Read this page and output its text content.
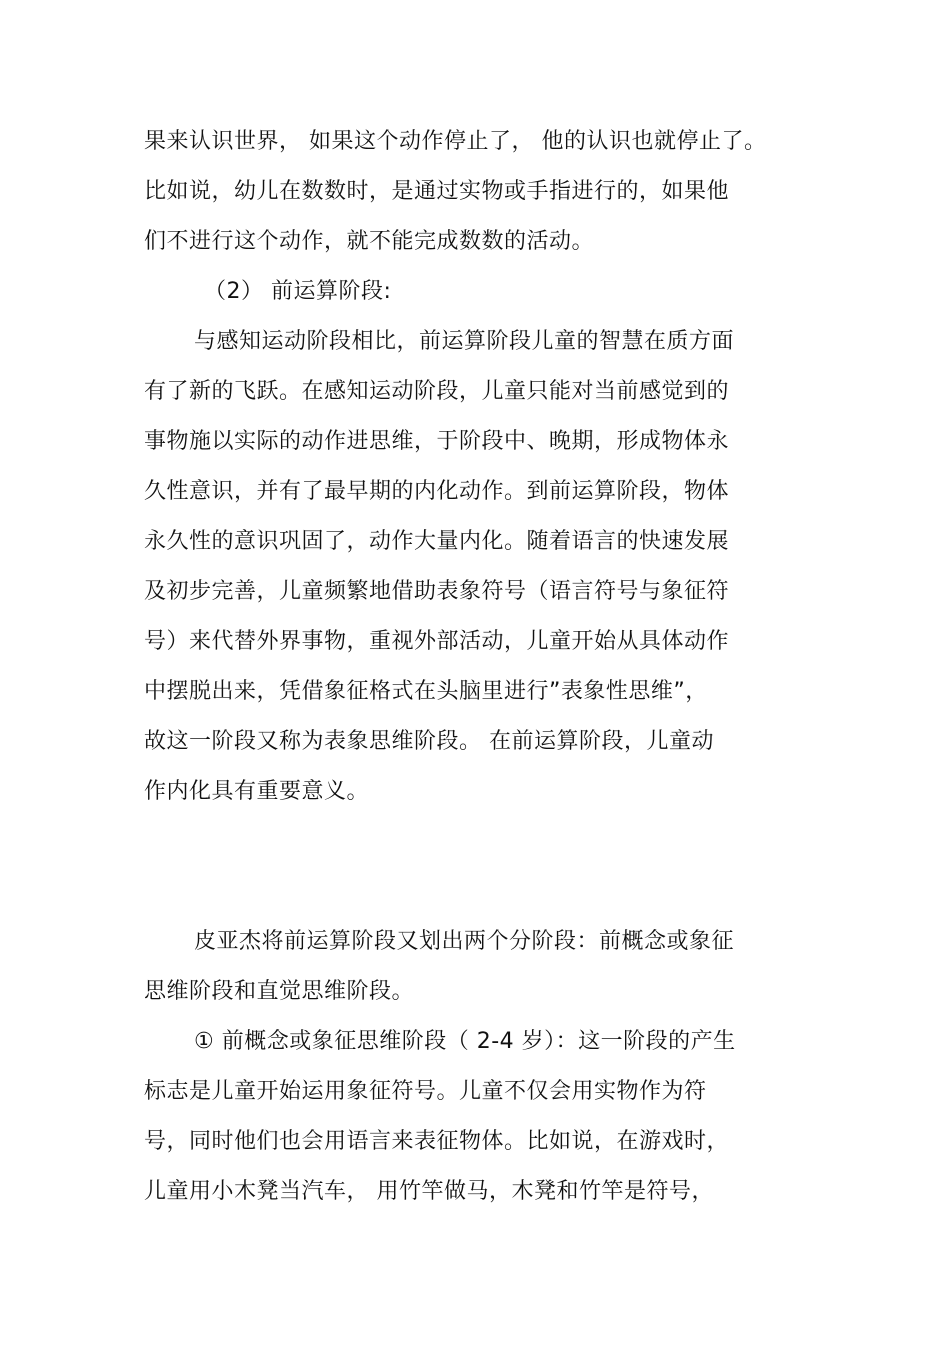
果来认识世界， 如果这个动作停止了， 他的认识也就停止了。
比如说，幼儿在数数时，是通过实物或手指进行的，如果他
们不进行这个动作，就不能完成数数的活动。
（2） 前运算阶段:
与感知运动阶段相比，前运算阶段儿童的智慧在质方面
有了新的飞跃。在感知运动阶段，儿童只能对当前感觉到的
事物施以实际的动作进思维，于阶段中、晚期，形成物体永
久性意识，并有了最早期的内化动作。到前运算阶段，物体
永久性的意识巩固了，动作大量内化。随着语言的快速发展
及初步完善，儿童频繁地借助表象符号（语言符号与象征符
号）来代替外界事物，重视外部活动，儿童开始从具体动作
中摆脱出来，凭借象征格式在头脑里进行”表象性思维”，
故这一阶段又称为表象思维阶段。 在前运算阶段，儿童动
作内化具有重要意义。
皮亚杰将前运算阶段又划出两个分阶段：前概念或象征
思维阶段和直觉思维阶段。
① 前概念或象征思维阶段（ 2-4 岁）：这一阶段的产生
标志是儿童开始运用象征符号。儿童不仅会用实物作为符
号，同时他们也会用语言来表征物体。比如说，在游戏时，
儿童用小木凳当汽车， 用竹竿做马，木凳和竹竿是符号，
